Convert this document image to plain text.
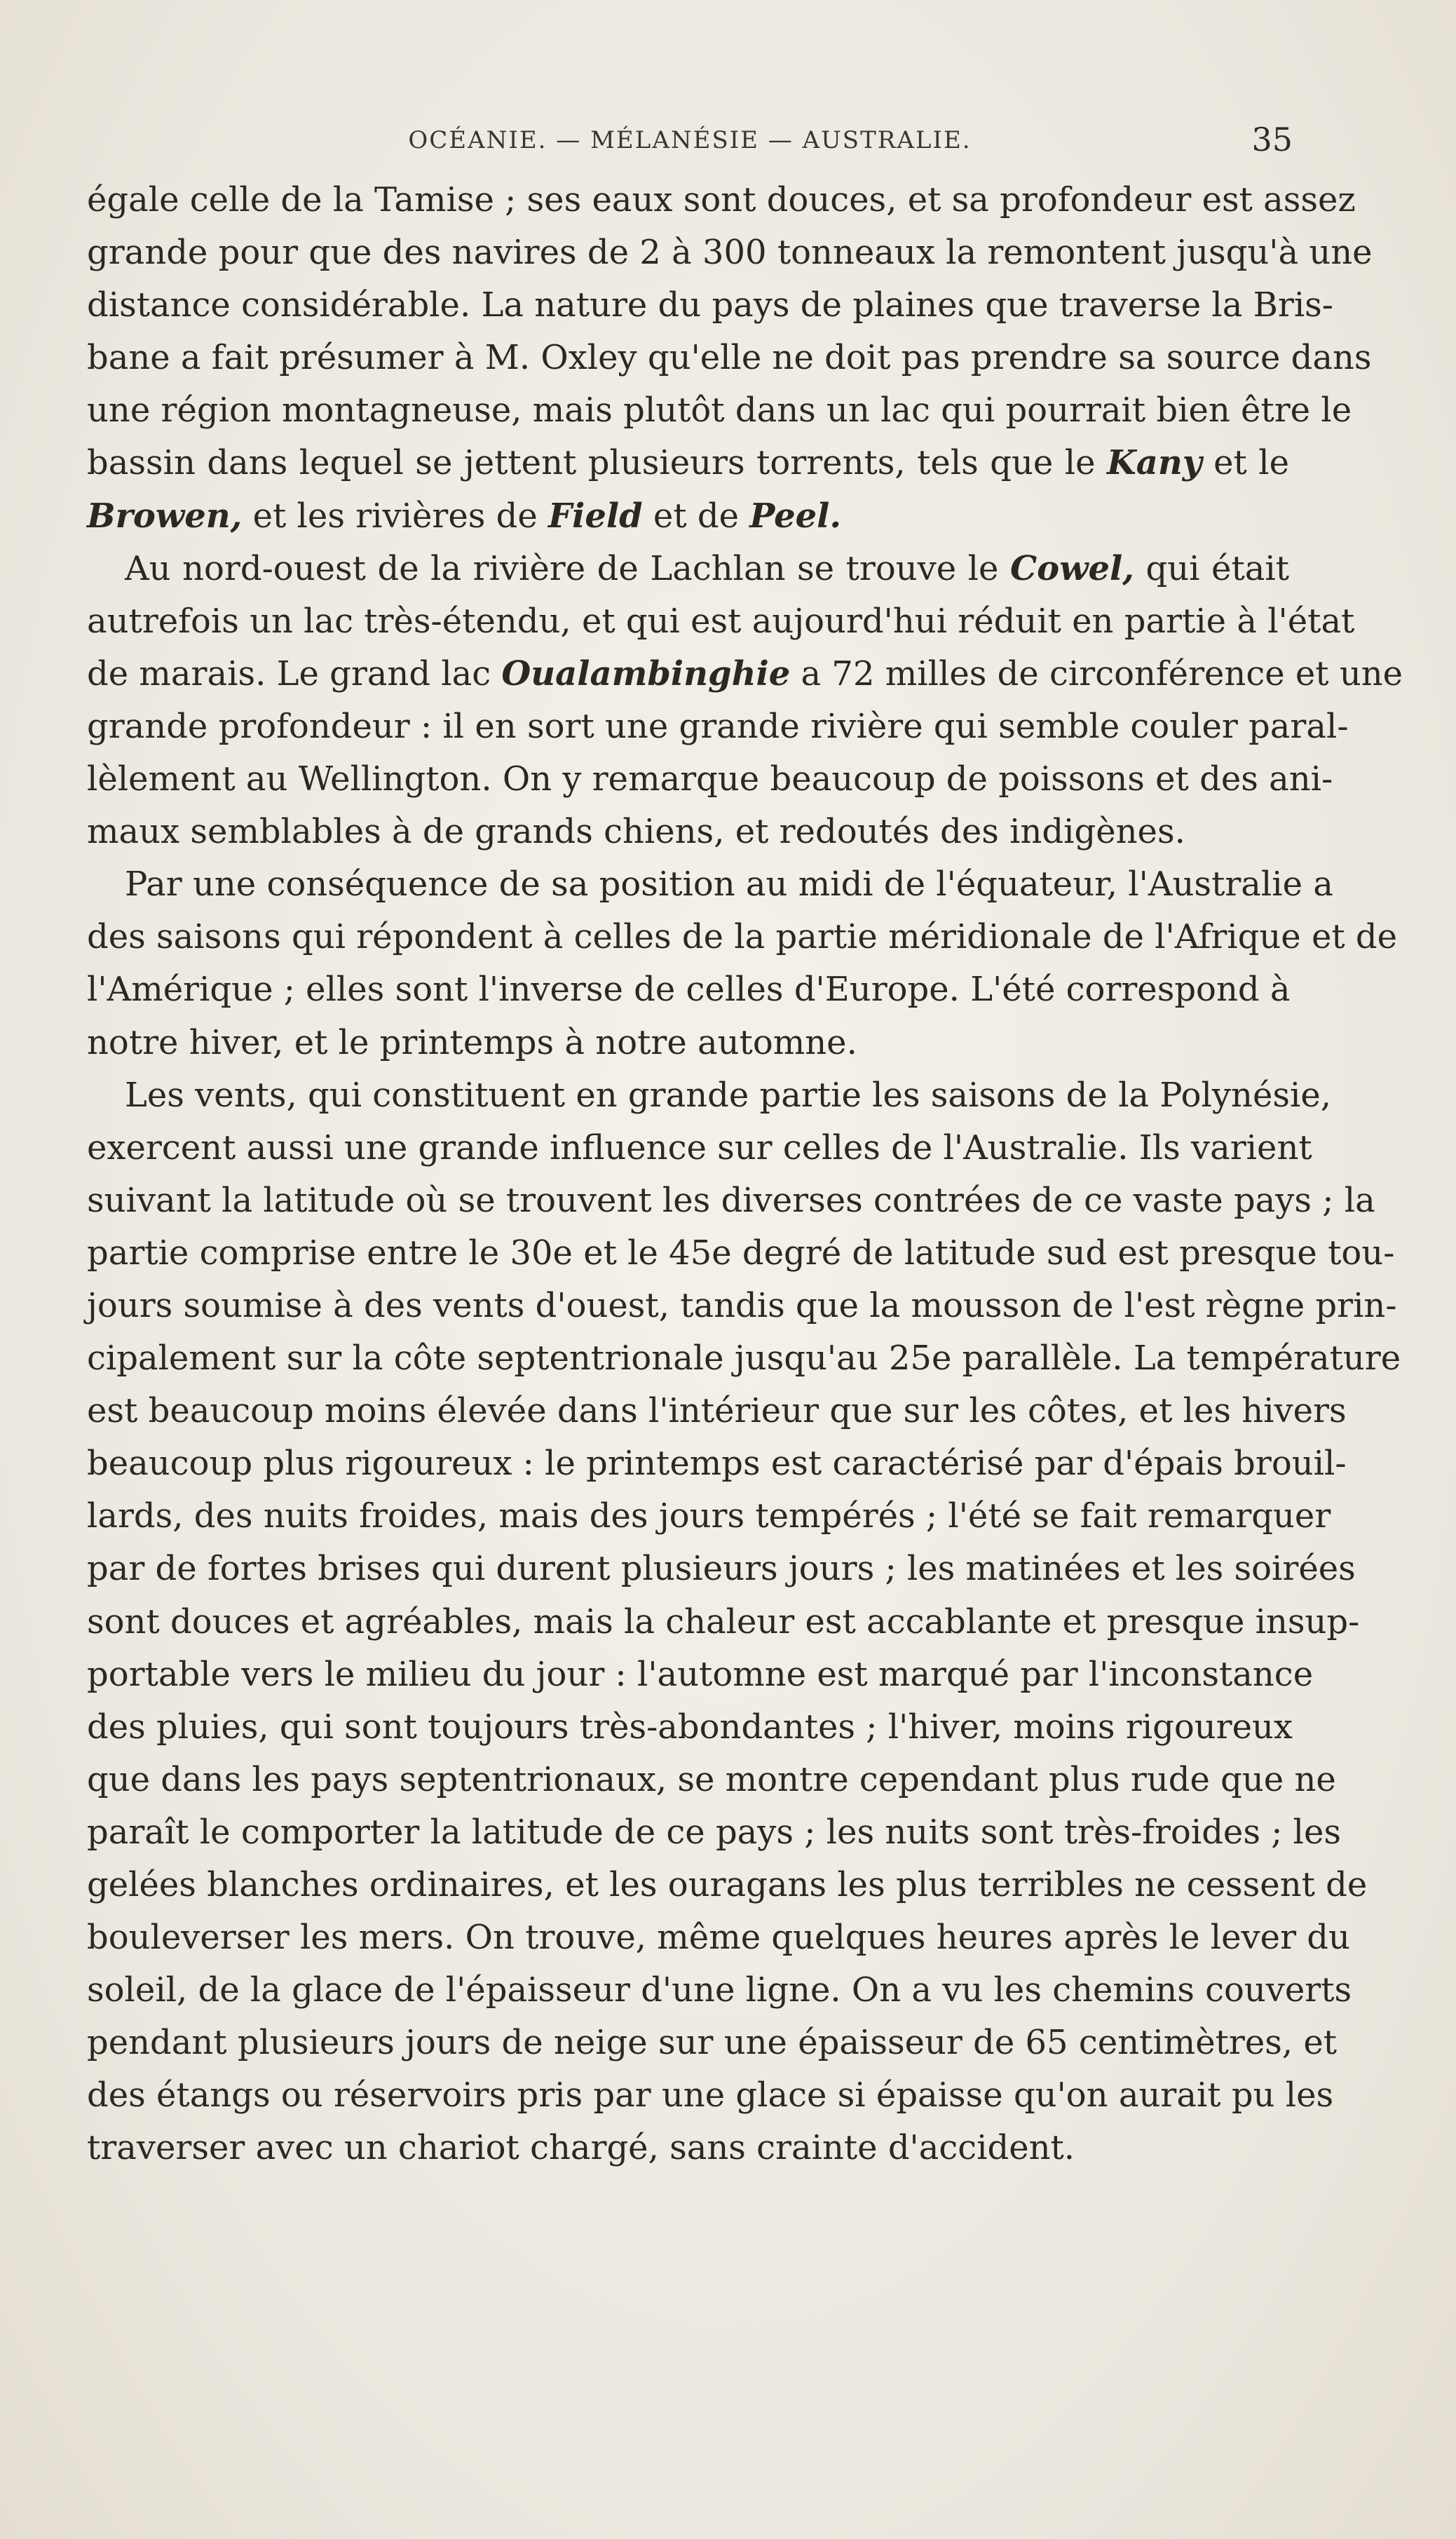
OCÉANIE. — MÉLANÉSIE — AUSTRALIE.	35
égale celle de la Tamise ; ses eaux sont douces, et sa profondeur est assez
grande pour que des navires de 2 à 300 tonneaux la remontent jusqu'à une
distance considérable. La nature du pays de plaines que traverse la Bris-
bane a fait présumer à M. Oxley qu'elle ne doit pas prendre sa source dans
une région montagneuse, mais plutôt dans un lac qui pourrait bien être le
bassin dans lequel se jettent plusieurs torrents, tels que le Kany et le
Browen, et les rivières de Field et de Peel.
Au nord-ouest de la rivière de Lachlan se trouve le Cowel, qui était
autrefois un lac très-étendu, et qui est aujourd'hui réduit en partie à l'état
de marais. Le grand lac Oualambinghie a 72 milles de circonférence et une
grande profondeur : il en sort une grande rivière qui semble couler paral-
lèlement au Wellington. On y remarque beaucoup de poissons et des ani-
maux semblables à de grands chiens, et redoutés des indigènes.
Par une conséquence de sa position au midi de l'équateur, l'Australie a
des saisons qui répondent à celles de la partie méridionale de l'Afrique et de
l'Amérique ; elles sont l'inverse de celles d'Europe. L'été correspond à
notre hiver, et le printemps à notre automne.
Les vents, qui constituent en grande partie les saisons de la Polynésie,
exercent aussi une grande influence sur celles de l'Australie. Ils varient
suivant la latitude où se trouvent les diverses contrées de ce vaste pays ; la
partie comprise entre le 30e et le 45e degré de latitude sud est presque tou-
jours soumise à des vents d'ouest, tandis que la mousson de l'est règne prin-
cipalement sur la côte septentrionale jusqu'au 25e parallèle. La température
est beaucoup moins élevée dans l'intérieur que sur les côtes, et les hivers
beaucoup plus rigoureux : le printemps est caractérisé par d'épais brouil-
lards, des nuits froides, mais des jours tempérés ; l'été se fait remarquer
par de fortes brises qui durent plusieurs jours ; les matinées et les soirées
sont douces et agréables, mais la chaleur est accablante et presque insup-
portable vers le milieu du jour : l'automne est marqué par l'inconstance
des pluies, qui sont toujours très-abondantes ; l'hiver, moins rigoureux
que dans les pays septentrionaux, se montre cependant plus rude que ne
paraît le comporter la latitude de ce pays ; les nuits sont très-froides ; les
gelées blanches ordinaires, et les ouragans les plus terribles ne cessent de
bouleverser les mers. On trouve, même quelques heures après le lever du
soleil, de la glace de l'épaisseur d'une ligne. On a vu les chemins couverts
pendant plusieurs jours de neige sur une épaisseur de 65 centimètres, et
des étangs ou réservoirs pris par une glace si épaisse qu'on aurait pu les
traverser avec un chariot chargé, sans crainte d'accident.
